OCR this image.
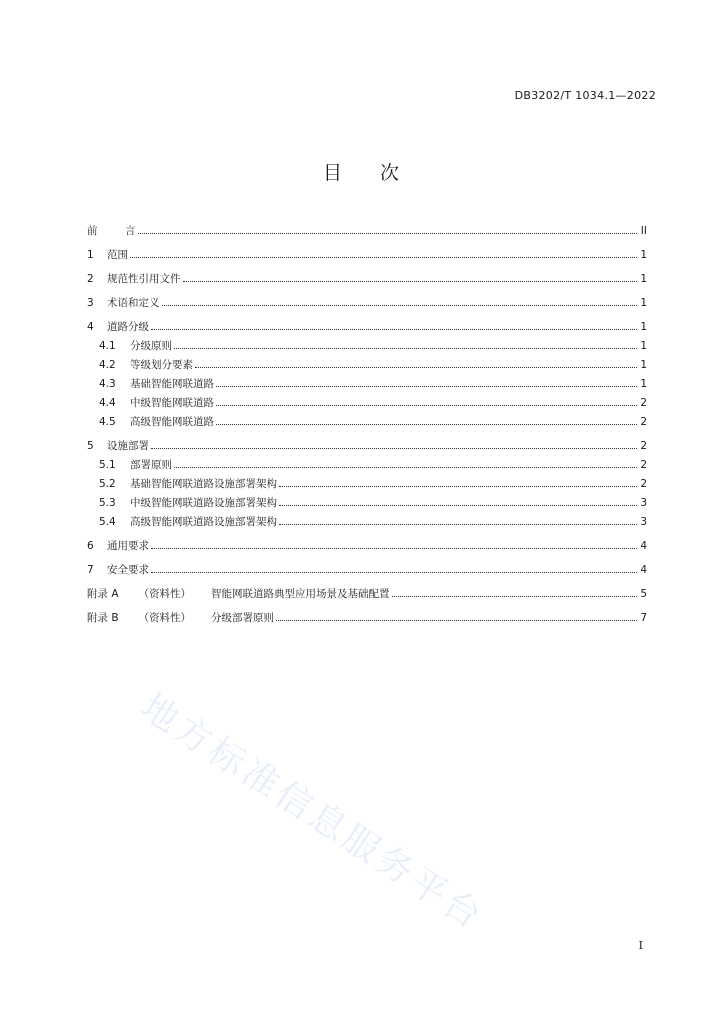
DB3202/T 1034.1—2022
目 次
前	言	II
1	范围	1
2	规范性引用文件	1
3	术语和定义	1
4	道路分级	1
4.1	分级原则	1
4.2	等级划分要素	1
4.3	基础智能网联道路	1
4.4	中级智能网联道路	2
4.5	高级智能网联道路	2
5	设施部署	2
5.1	部署原则	2
5.2	基础智能网联道路设施部署架构	2
5.3	中级智能网联道路设施部署架构	3
5.4	高级智能网联道路设施部署架构	3
6	通用要求	4
7	安全要求	4
附录 A	（资料性）	智能网联道路典型应用场景及基础配置	5
附录 B	（资料性）	分级部署原则	7
地方标准信息服务平台
I
